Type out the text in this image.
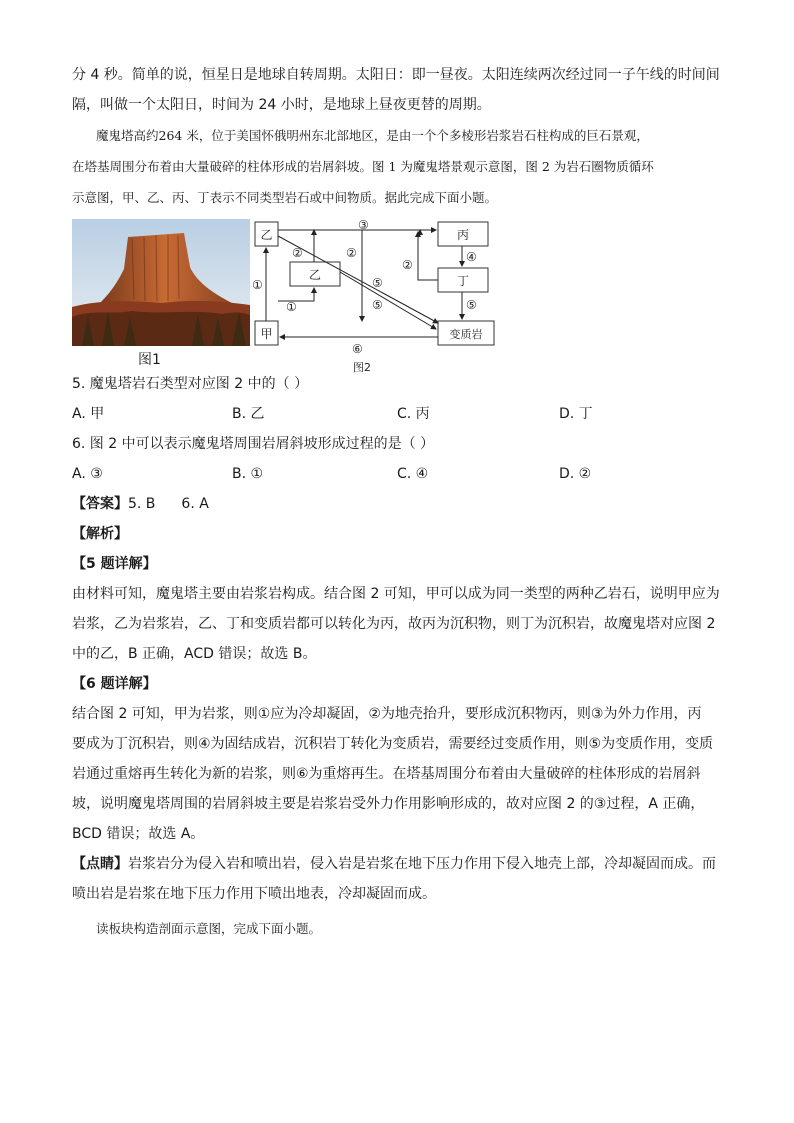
分 4 秒。简单的说，恒星日是地球自转周期。太阳日：即一昼夜。太阳连续两次经过同一子午线的时间间

隔，叫做一个太阳日，时间为 24 小时，是地球上昼夜更替的周期。

魔鬼塔高约264 米，位于美国怀俄明州东北部地区，是由一个个多棱形岩浆岩石柱构成的巨石景观，

在塔基周围分布着由大量破碎的柱体形成的岩屑斜坡。图 1 为魔鬼塔景观示意图，图 2 为岩石圈物质循环

示意图，甲、乙、丙、丁表示不同类型岩石或中间物质。据此完成下面小题。

图1
③
②	②
②
①
①
④
⑤
⑤
⑤
⑥
乙
乙
丙
丁
甲	变质岩
图2

5. 魔鬼塔岩石类型对应图 2 中的（ ）

A. 甲	B. 乙	C. 丙	D. 丁

6. 图 2 中可以表示魔鬼塔周围岩屑斜坡形成过程的是（ ）

A. ③	B. ①	C. ④	D. ②

【答案】5. B 6. A

【解析】

【5 题详解】

由材料可知，魔鬼塔主要由岩浆岩构成。结合图 2 可知，甲可以成为同一类型的两种乙岩石，说明甲应为

岩浆，乙为岩浆岩，乙、丁和变质岩都可以转化为丙，故丙为沉积物，则丁为沉积岩，故魔鬼塔对应图 2

中的乙，B 正确，ACD 错误；故选 B。

【6 题详解】

结合图 2 可知，甲为岩浆，则①应为冷却凝固，②为地壳抬升，要形成沉积物丙，则③为外力作用，丙

要成为丁沉积岩，则④为固结成岩，沉积岩丁转化为变质岩，需要经过变质作用，则⑤为变质作用，变质

岩通过重熔再生转化为新的岩浆，则⑥为重熔再生。在塔基周围分布着由大量破碎的柱体形成的岩屑斜

坡，说明魔鬼塔周围的岩屑斜坡主要是岩浆岩受外力作用影响形成的，故对应图 2 的③过程，A 正确，

BCD 错误；故选 A。

【点睛】岩浆岩分为侵入岩和喷出岩，侵入岩是岩浆在地下压力作用下侵入地壳上部，冷却凝固而成。而

喷出岩是岩浆在地下压力作用下喷出地表，冷却凝固而成。

读板块构造剖面示意图，完成下面小题。
